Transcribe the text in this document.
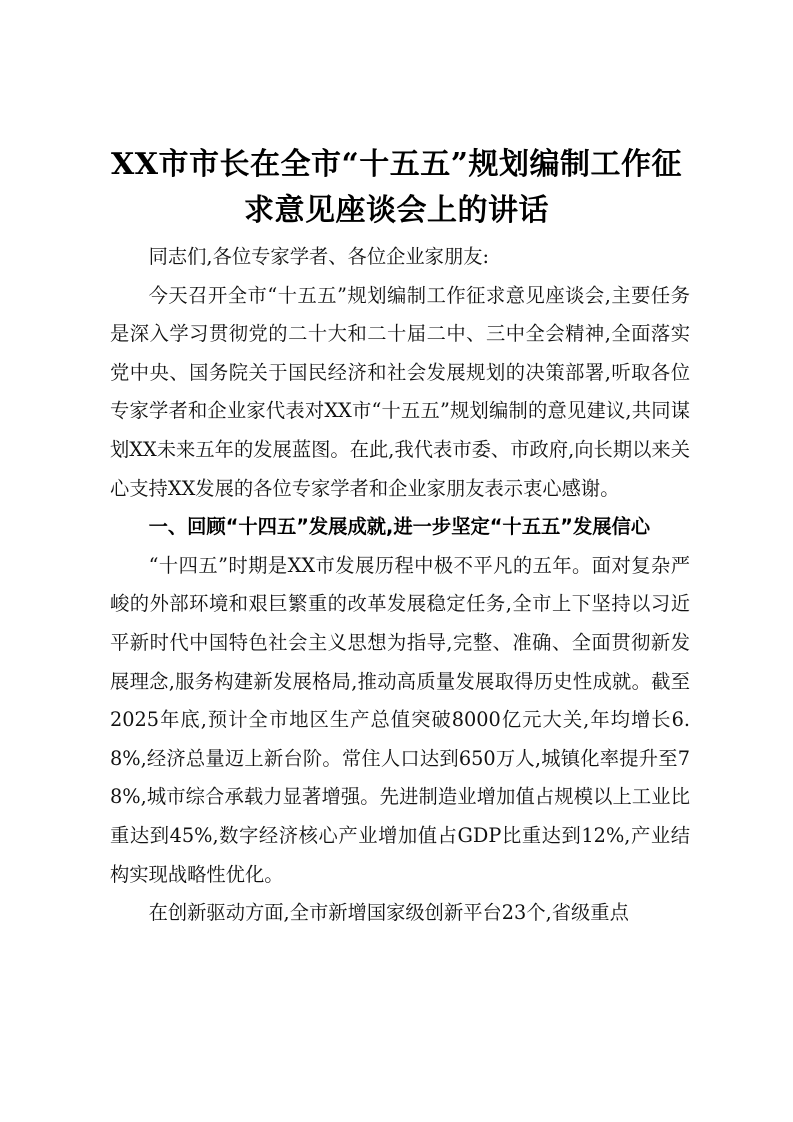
XX市市长在全市“十五五”规划编制工作征
求意见座谈会上的讲话

同志们,各位专家学者、各位企业家朋友:

今天召开全市“十五五”规划编制工作征求意见座谈会,主要任务是深入学习贯彻党的二十大和二十届二中、三中全会精神,全面落实党中央、国务院关于国民经济和社会发展规划的决策部署,听取各位专家学者和企业家代表对XX市“十五五”规划编制的意见建议,共同谋划XX未来五年的发展蓝图。在此,我代表市委、市政府,向长期以来关心支持XX发展的各位专家学者和企业家朋友表示衷心感谢。

一、回顾“十四五”发展成就,进一步坚定“十五五”发展信心

“十四五”时期是XX市发展历程中极不平凡的五年。面对复杂严峻的外部环境和艰巨繁重的改革发展稳定任务,全市上下坚持以习近平新时代中国特色社会主义思想为指导,完整、准确、全面贯彻新发展理念,服务构建新发展格局,推动高质量发展取得历史性成就。截至2025年底,预计全市地区生产总值突破8000亿元大关,年均增长6.8%,经济总量迈上新台阶。常住人口达到650万人,城镇化率提升至78%,城市综合承载力显著增强。先进制造业增加值占规模以上工业比重达到45%,数字经济核心产业增加值占GDP比重达到12%,产业结构实现战略性优化。

在创新驱动方面,全市新增国家级创新平台23个,省级重点
